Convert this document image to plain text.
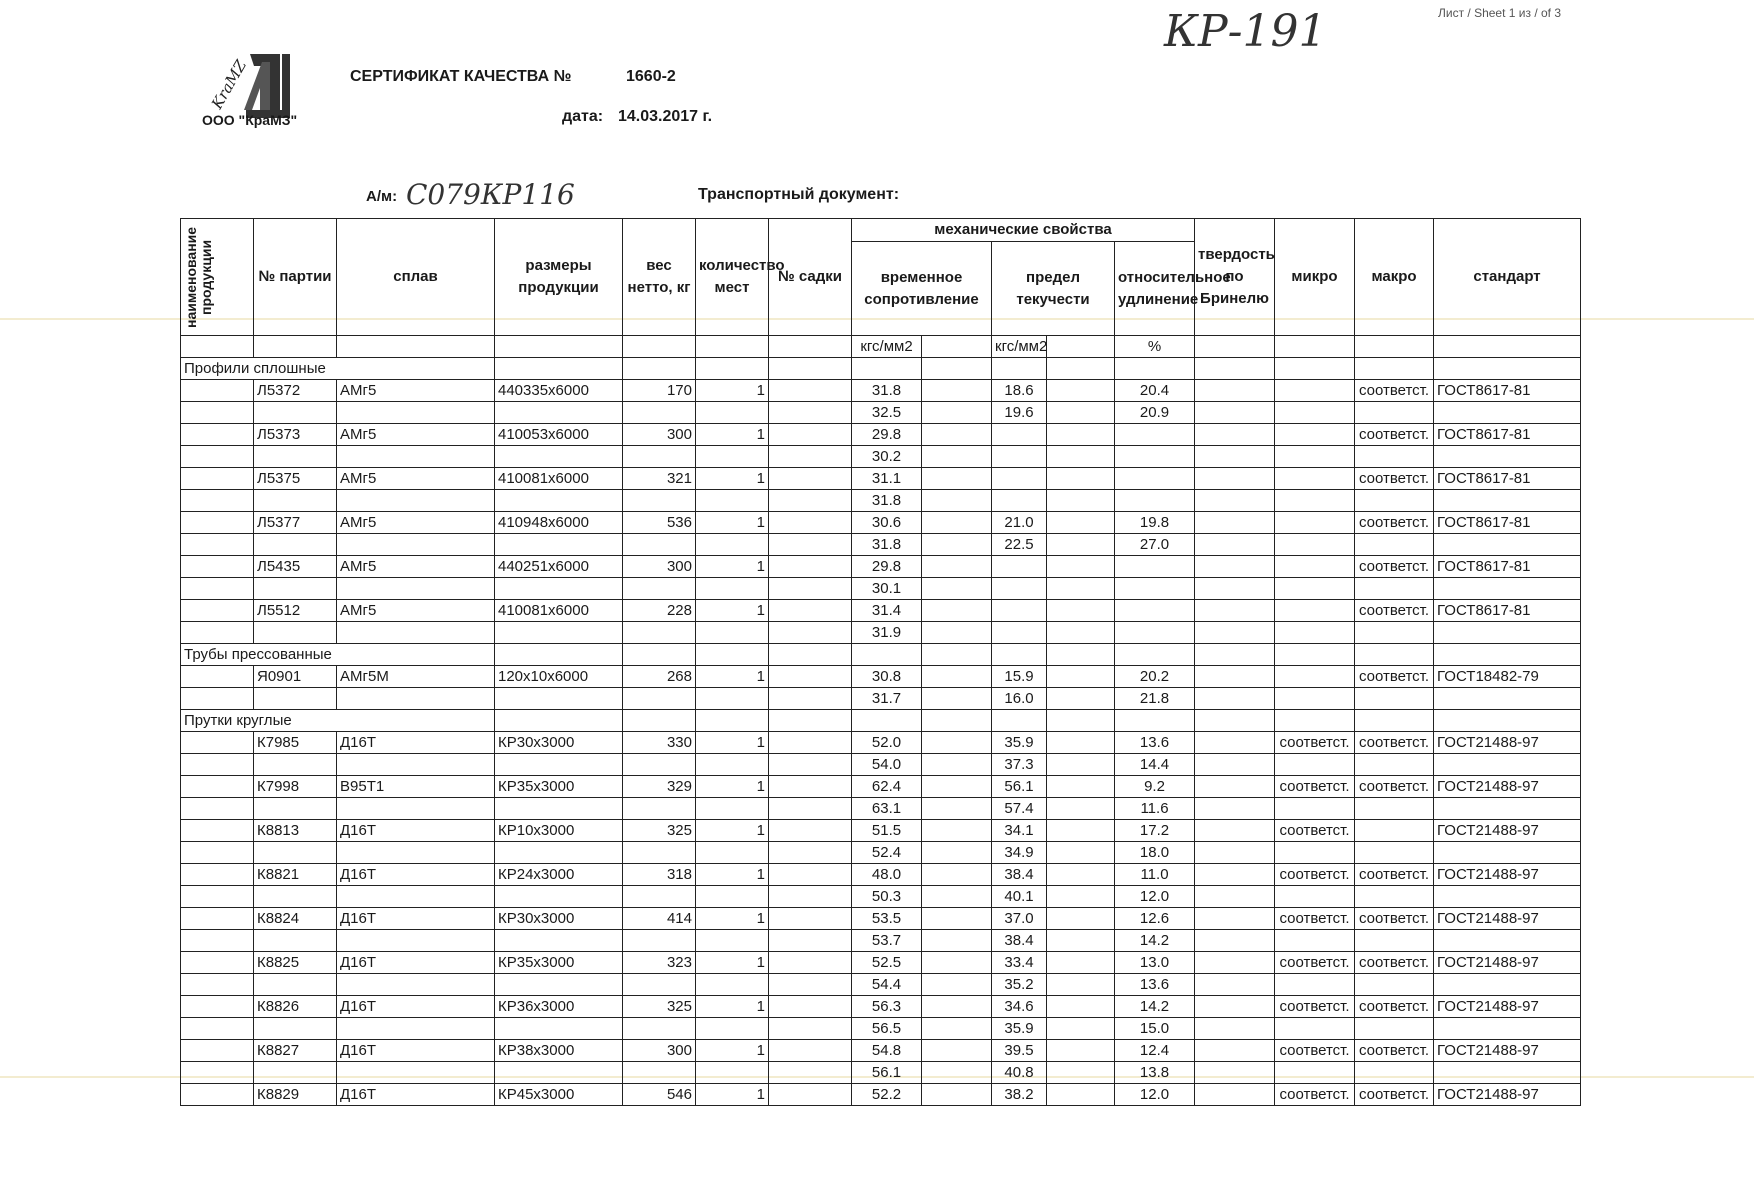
КР-191	Лист / Sheet 1 из / of 3
KraMZ
ООО "КраМЗ"
СЕРТИФИКАТ КАЧЕСТВА №	1660-2
дата: 14.03.2017 г.
А/м: С079КР116	Транспортный документ:
наименование продукции	№ партии	сплав	размеры продукции	вес нетто, кг	количество мест	№ садки	механические свойства					твердость по Бринелю	микро	макро	стандарт	
							временное сопротивление		предел текучести		относительное удлинение					
							кгс/мм2		кгс/мм2		%					
Профили сплошные																
	Л5372	АМг5	440335х6000	170	1		31.8		18.6		20.4			соответст.	ГОСТ8617-81	
							32.5		19.6		20.9					
	Л5373	АМг5	410053х6000	300	1		29.8							соответст.	ГОСТ8617-81	
							30.2									
	Л5375	АМг5	410081х6000	321	1		31.1							соответст.	ГОСТ8617-81	
							31.8									
	Л5377	АМг5	410948х6000	536	1		30.6		21.0		19.8			соответст.	ГОСТ8617-81	
							31.8		22.5		27.0					
	Л5435	АМг5	440251х6000	300	1		29.8							соответст.	ГОСТ8617-81	
							30.1									
	Л5512	АМг5	410081х6000	228	1		31.4							соответст.	ГОСТ8617-81	
							31.9									
Трубы прессованные																
	Я0901	АМг5М	120х10х6000	268	1		30.8		15.9		20.2			соответст.	ГОСТ18482-79	
							31.7		16.0		21.8					
Прутки круглые																
	К7985	Д16Т	КР30х3000	330	1		52.0		35.9		13.6		соответст.	соответст.	ГОСТ21488-97	
							54.0		37.3		14.4					
	К7998	В95Т1	КР35х3000	329	1		62.4		56.1		9.2		соответст.	соответст.	ГОСТ21488-97	
							63.1		57.4		11.6					
	К8813	Д16Т	КР10х3000	325	1		51.5		34.1		17.2		соответст.		ГОСТ21488-97	
							52.4		34.9		18.0					
	К8821	Д16Т	КР24х3000	318	1		48.0		38.4		11.0		соответст.	соответст.	ГОСТ21488-97	
							50.3		40.1		12.0					
	К8824	Д16Т	КР30х3000	414	1		53.5		37.0		12.6		соответст.	соответст.	ГОСТ21488-97	
							53.7		38.4		14.2					
	К8825	Д16Т	КР35х3000	323	1		52.5		33.4		13.0		соответст.	соответст.	ГОСТ21488-97	
							54.4		35.2		13.6					
	К8826	Д16Т	КР36х3000	325	1		56.3		34.6		14.2		соответст.	соответст.	ГОСТ21488-97	
							56.5		35.9		15.0					
	К8827	Д16Т	КР38х3000	300	1		54.8		39.5		12.4		соответст.	соответст.	ГОСТ21488-97	
							56.1		40.8		13.8					
	К8829	Д16Т	КР45х3000	546	1		52.2		38.2		12.0		соответст.	соответст.	ГОСТ21488-97	
